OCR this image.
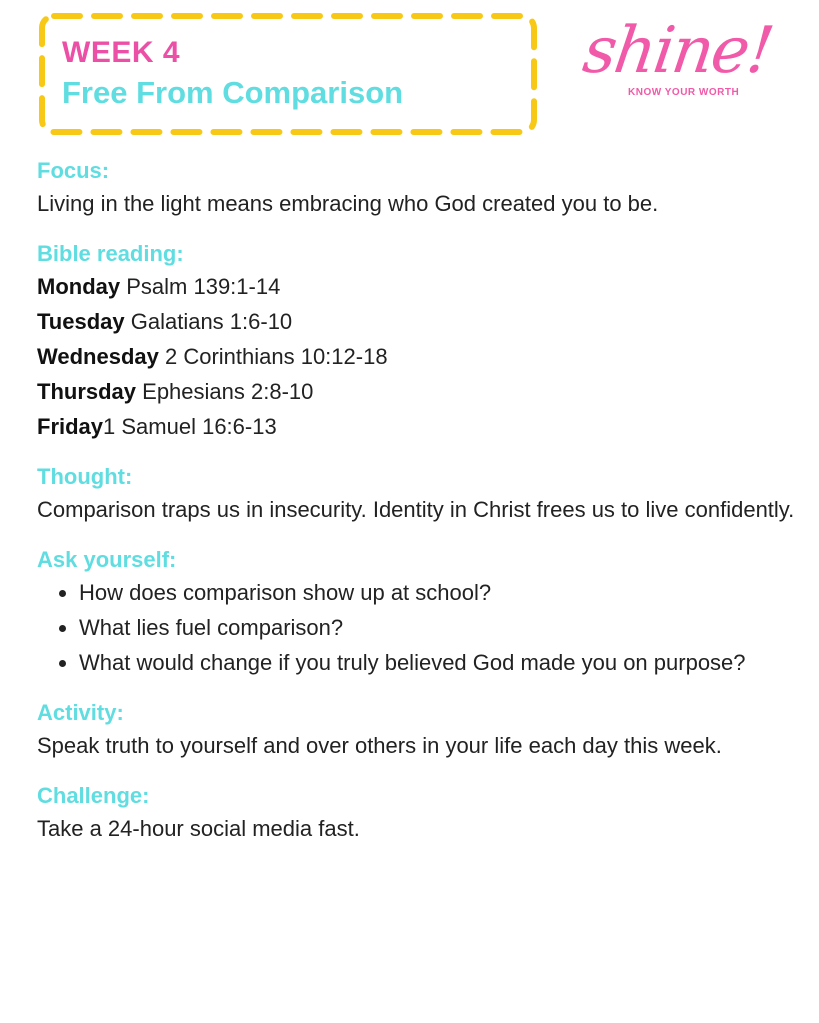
WEEK 4
Free From Comparison
shine!
KNOW YOUR WORTH
Focus:
Living in the light means embracing who God created you to be.
Bible reading:
Monday Psalm 139:1-14
Tuesday Galatians 1:6-10
Wednesday 2 Corinthians 10:12-18
Thursday Ephesians 2:8-10
Friday1 Samuel 16:6-13
Thought:
Comparison traps us in insecurity. Identity in Christ frees us to live confidently.
Ask yourself:
• How does comparison show up at school?
• What lies fuel comparison?
• What would change if you truly believed God made you on purpose?
Activity:
Speak truth to yourself and over others in your life each day this week.
Challenge:
Take a 24-hour social media fast.
